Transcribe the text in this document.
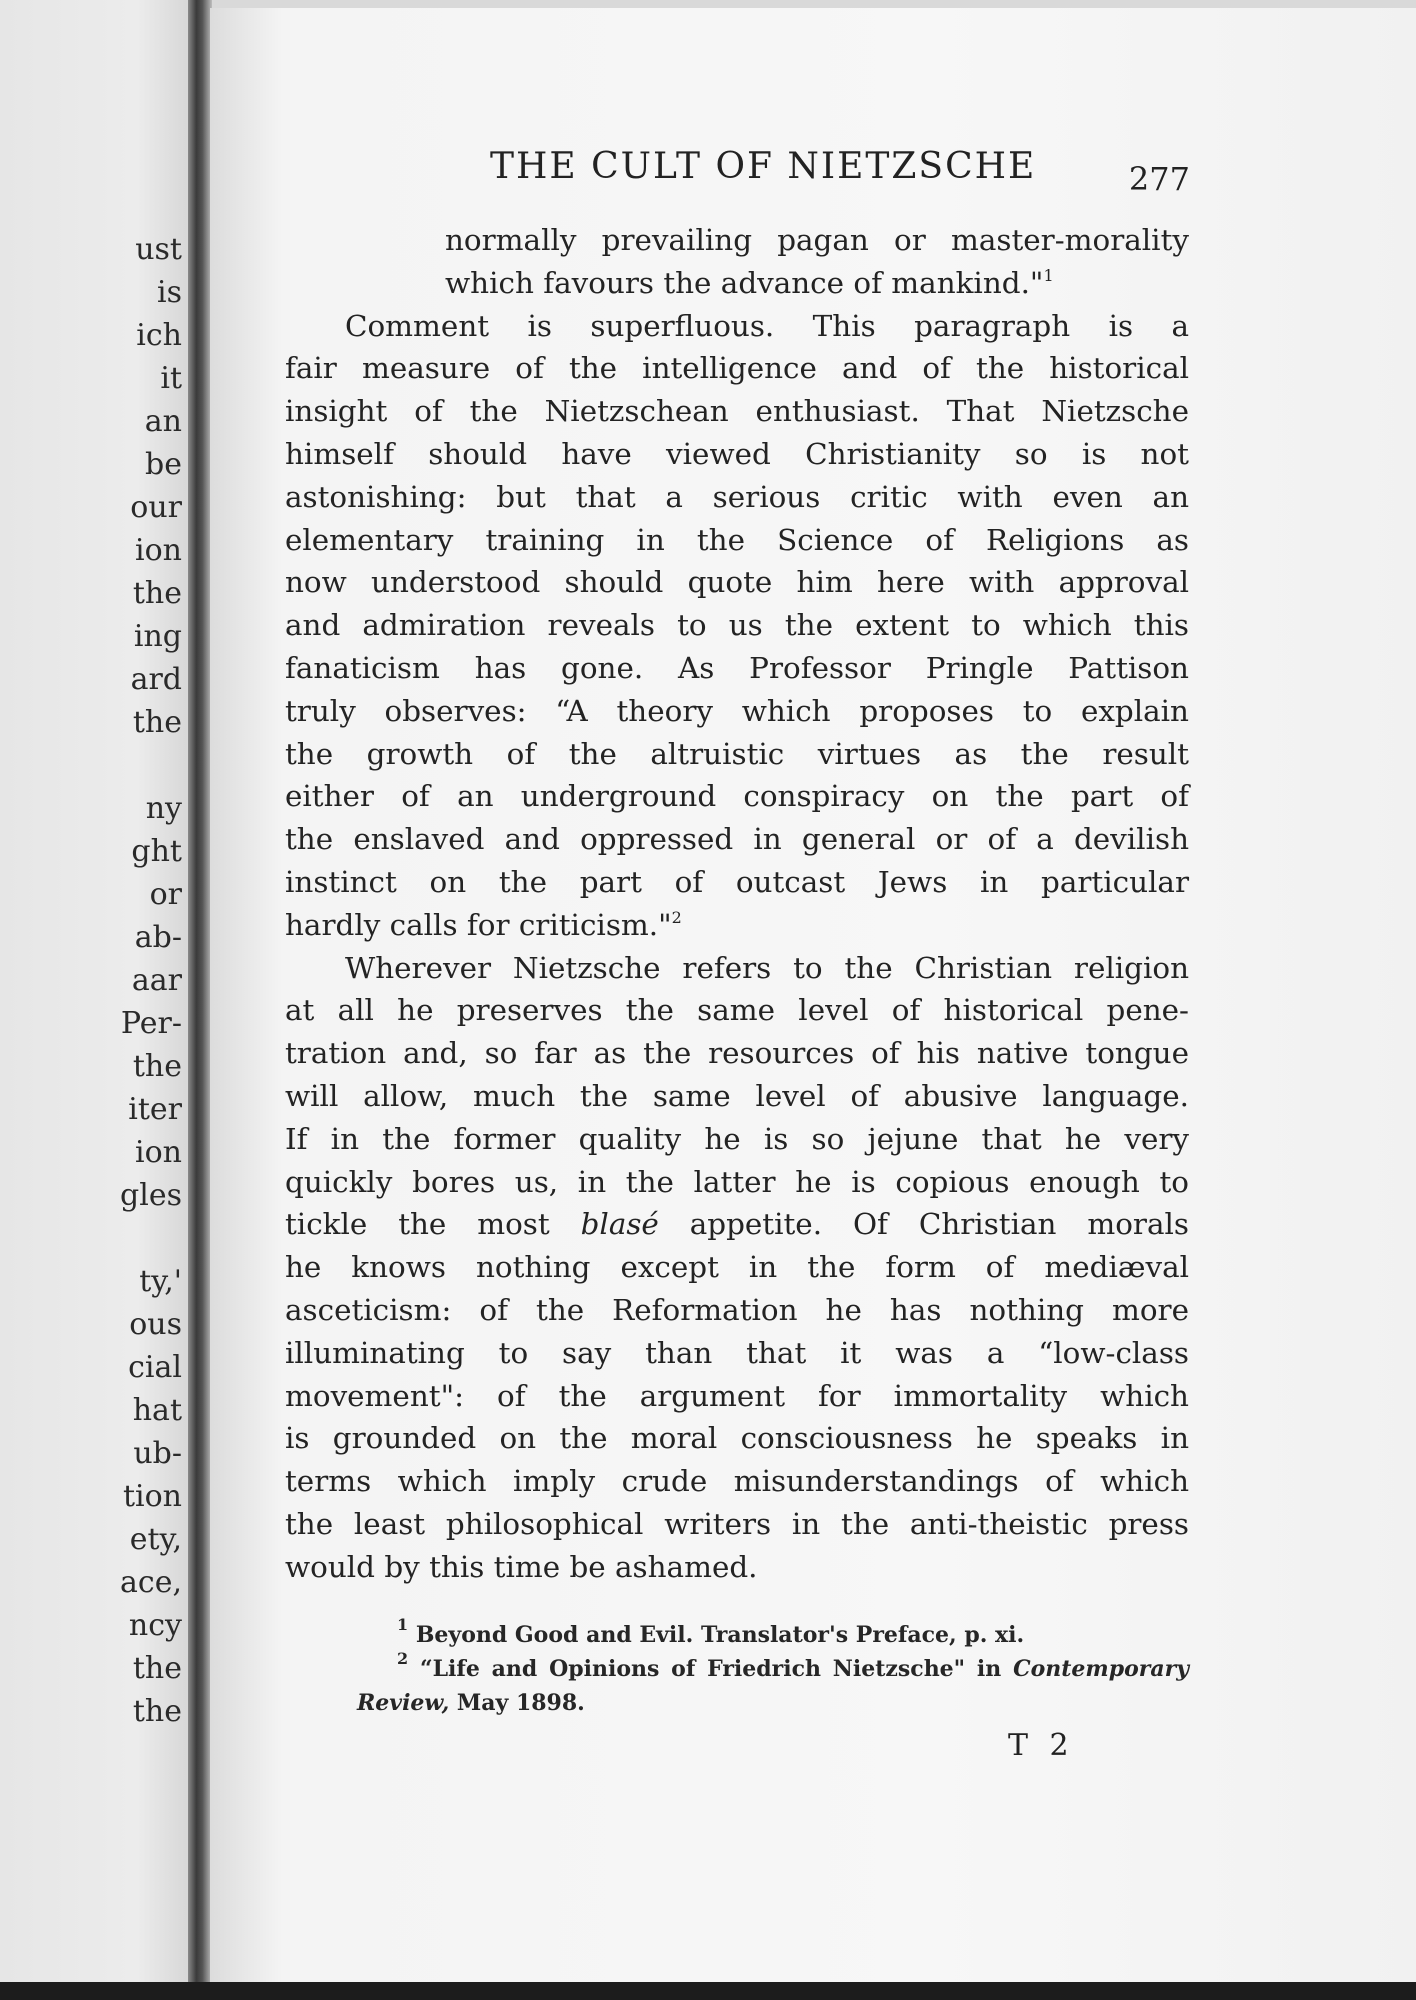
ust
is
ich
it
an
be
our
ion
the
ing
ard
the
ny
ght
or
ab-
aar
Per-
the
iter
ion
gles
ty,'
ous
cial
hat
ub-
tion
ety,
ace,
ncy
the
the
THE CULT OF NIETZSCHE	277
normally prevailing pagan or master-morality
which favours the advance of mankind."$^1$
Comment is superfluous. This paragraph is a
fair measure of the intelligence and of the historical
insight of the Nietzschean enthusiast. That Nietzsche
himself should have viewed Christianity so is not
astonishing: but that a serious critic with even an
elementary training in the Science of Religions as
now understood should quote him here with approval
and admiration reveals to us the extent to which this
fanaticism has gone. As Professor Pringle Pattison
truly observes: “A theory which proposes to explain
the growth of the altruistic virtues as the result
either of an underground conspiracy on the part of
the enslaved and oppressed in general or of a devilish
instinct on the part of outcast Jews in particular
hardly calls for criticism."$^2$
Wherever Nietzsche refers to the Christian religion
at all he preserves the same level of historical pene-
tration and, so far as the resources of his native tongue
will allow, much the same level of abusive language.
If in the former quality he is so jejune that he very
quickly bores us, in the latter he is copious enough to
tickle the most blasé appetite. Of Christian morals
he knows nothing except in the form of mediæval
asceticism: of the Reformation he has nothing more
illuminating to say than that it was a “low-class
movement": of the argument for immortality which
is grounded on the moral consciousness he speaks in
terms which imply crude misunderstandings of which
the least philosophical writers in the anti-theistic press
would by this time be ashamed.
$^1$ Beyond Good and Evil. Translator's Preface, p. xi.
$^2$ “Life and Opinions of Friedrich Nietzsche" in Contemporary
Review, May 1898.
T 2
